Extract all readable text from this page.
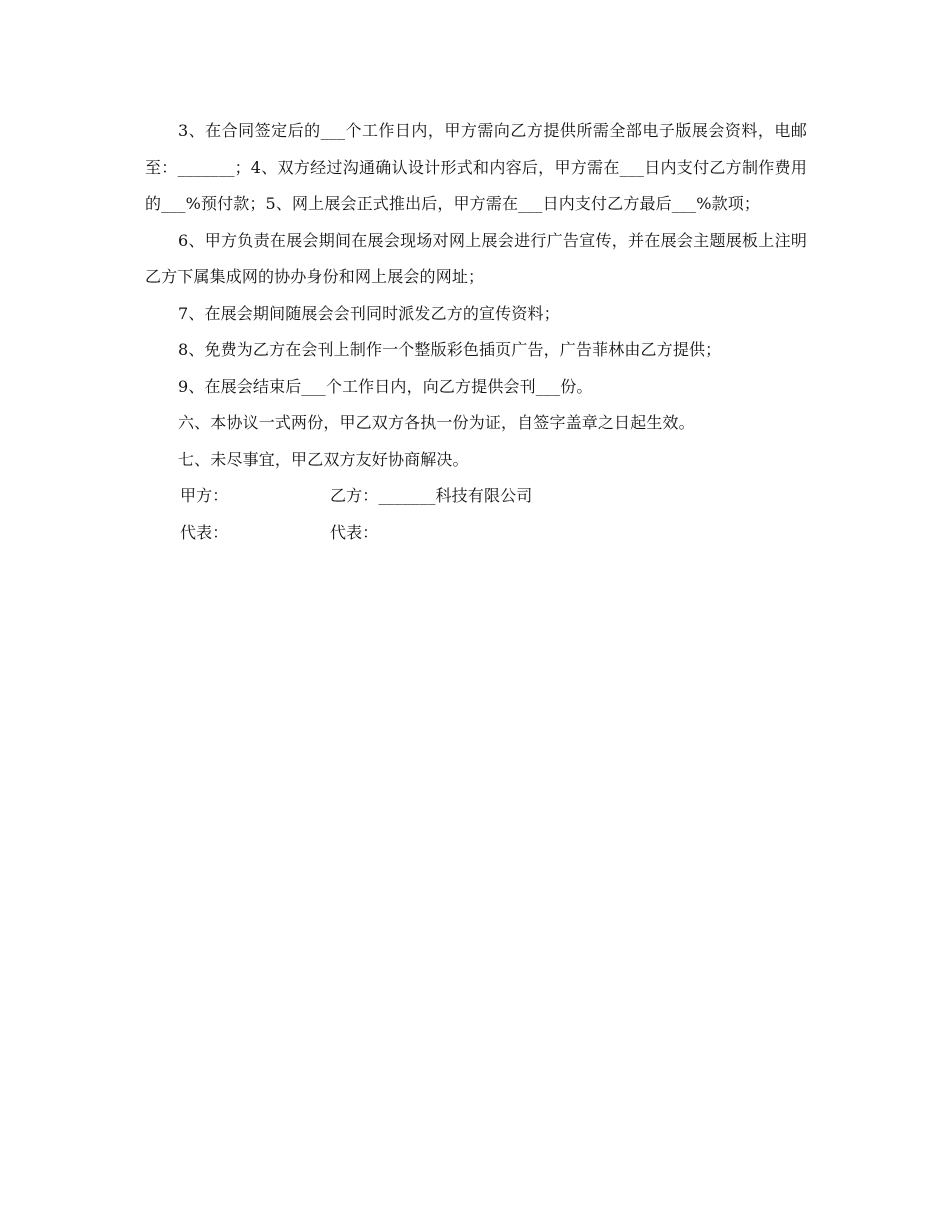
3、在合同签定后的___个工作日内，甲方需向乙方提供所需全部电子版展会资料，电邮至：_______；4、双方经过沟通确认设计形式和内容后，甲方需在___日内支付乙方制作费用的___%预付款；5、网上展会正式推出后，甲方需在___日内支付乙方最后___%款项；

6、甲方负责在展会期间在展会现场对网上展会进行广告宣传，并在展会主题展板上注明乙方下属集成网的协办身份和网上展会的网址；

7、在展会期间随展会会刊同时派发乙方的宣传资料；

8、免费为乙方在会刊上制作一个整版彩色插页广告，广告菲林由乙方提供；

9、在展会结束后___个工作日内，向乙方提供会刊___份。

六、本协议一式两份，甲乙双方各执一份为证，自签字盖章之日起生效。

七、未尽事宜，甲乙双方友好协商解决。

甲方：

	乙方：_______科技有限公司

代表：

	代表：
